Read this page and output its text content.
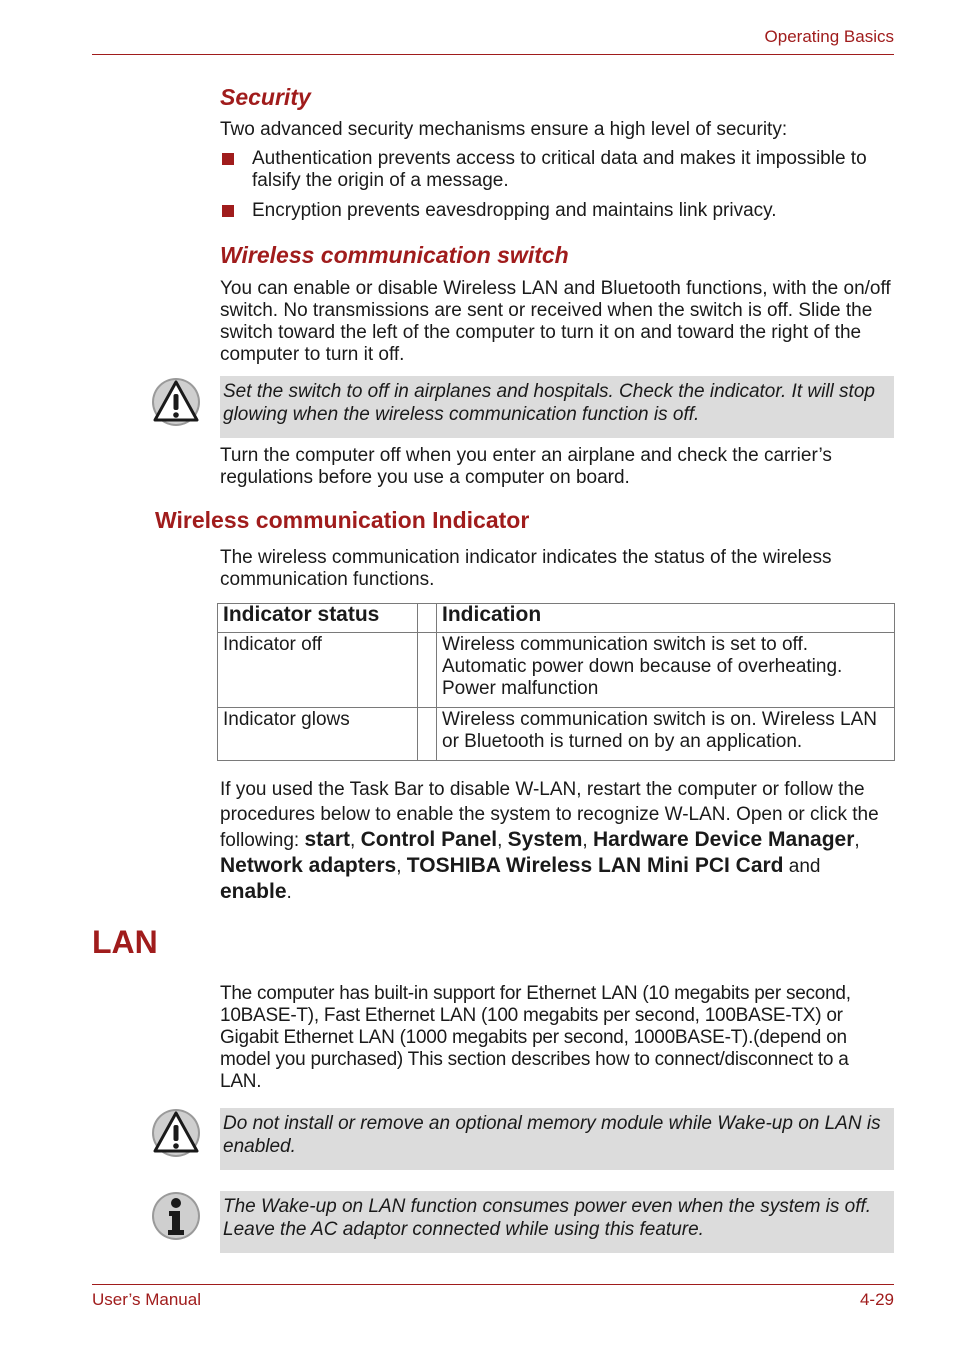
Operating Basics
Security
Two advanced security mechanisms ensure a high level of security:
Authentication prevents access to critical data and makes it impossible to falsify the origin of a message.
Encryption prevents eavesdropping and maintains link privacy.
Wireless communication switch
You can enable or disable Wireless LAN and Bluetooth functions, with the on/off switch. No transmissions are sent or received when the switch is off. Slide the switch toward the left of the computer to turn it on and toward the right of the computer to turn it off.
Set the switch to off in airplanes and hospitals. Check the indicator. It will stop glowing when the wireless communication function is off.
Turn the computer off when you enter an airplane and check the carrier’s regulations before you use a computer on board.
Wireless communication Indicator
The wireless communication indicator indicates the status of the wireless communication functions.
Indicator status		Indication
Indicator off		Wireless communication switch is set to off.
Automatic power down because of overheating.
Power malfunction

Indicator glows		Wireless communication switch is on. Wireless LAN or Bluetooth is turned on by an application.
If you used the Task Bar to disable W-LAN, restart the computer or follow the procedures below to enable the system to recognize W-LAN. Open or click the following: start, Control Panel, System, Hardware Device Manager, Network adapters, TOSHIBA Wireless LAN Mini PCI Card and enable.
LAN
The computer has built-in support for Ethernet LAN (10 megabits per second, 10BASE-T), Fast Ethernet LAN (100 megabits per second, 100BASE-TX) or Gigabit Ethernet LAN (1000 megabits per second, 1000BASE-T).(depend on model you purchased) This section describes how to connect/disconnect to a LAN.
Do not install or remove an optional memory module while Wake-up on LAN is enabled.
The Wake-up on LAN function consumes power even when the system is off. Leave the AC adaptor connected while using this feature.
User’s Manual	4-29
